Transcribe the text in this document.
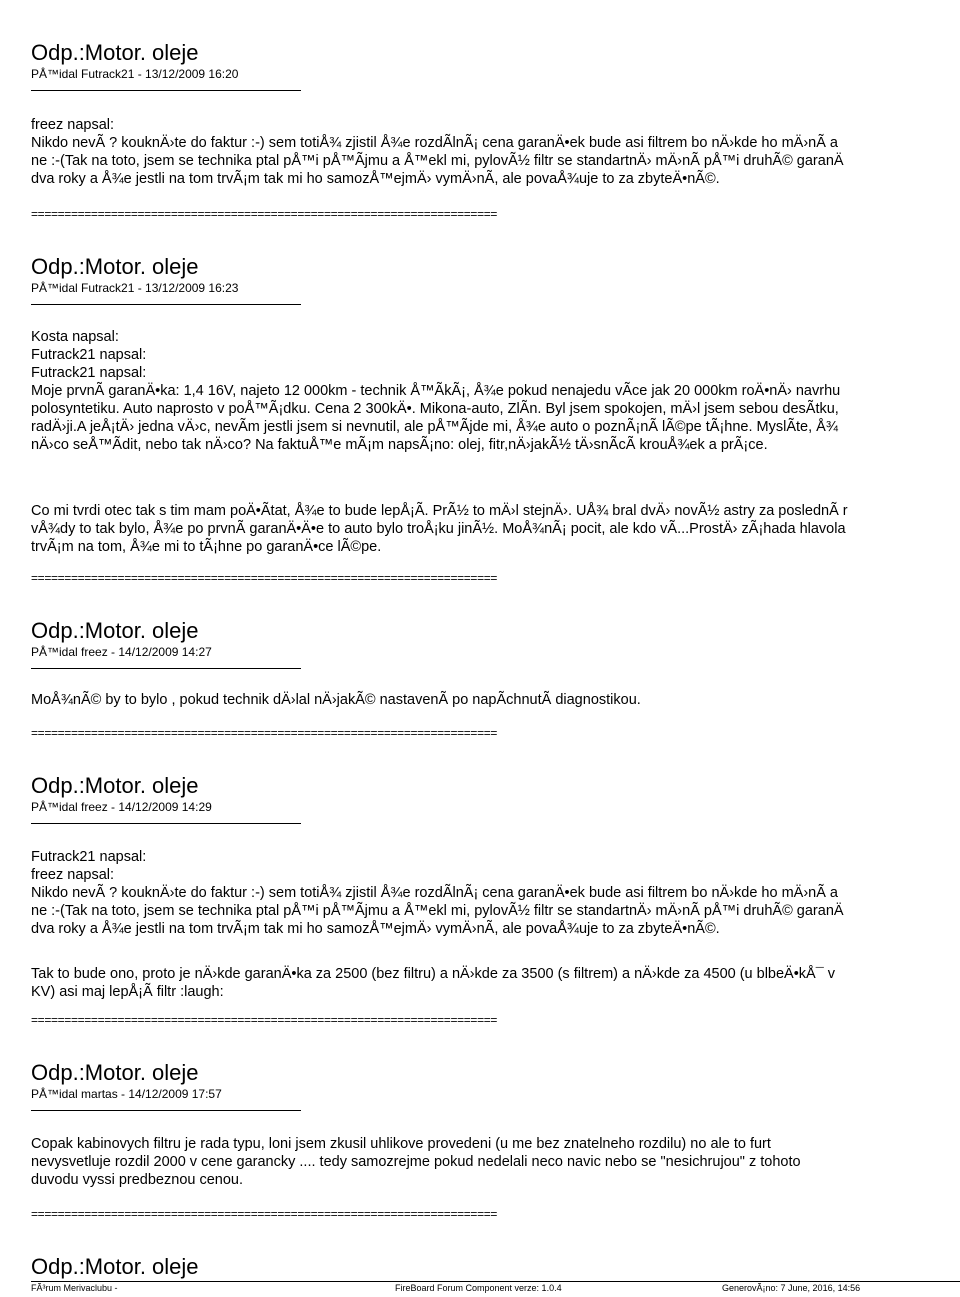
Odp.:Motor. oleje
PÅ™idal Futrack21 - 13/12/2009 16:20
freez napsal:
Nikdo nevÃ ? kouknÄ›te do faktur :-) sem totiÅ¾ zjistil Å¾e rozdÃlnÃ¡ cena garanÄ•ek bude asi filtrem bo nÄ›kde ho mÄ›nÃ a
ne :-(Tak na toto, jsem se technika ptal pÅ™i pÅ™Ãjmu a Å™ekl mi, pylovÃ½ filtr se standartnÄ› mÄ›nÃ pÅ™i druhÃ© garanÄ
dva roky a Å¾e jestli na tom trvÃ¡m tak mi ho samozÅ™ejmÄ› vymÄ›nÃ, ale povaÅ¾uje to za zbyteÄ•nÃ©.
======================================================================
Odp.:Motor. oleje
PÅ™idal Futrack21 - 13/12/2009 16:23
Kosta napsal:
Futrack21 napsal:
Futrack21 napsal:
Moje prvnÃ garanÄ•ka: 1,4 16V, najeto 12 000km - technik Å™ÃkÃ¡, Å¾e pokud nenajedu vÃce jak 20 000km roÄ•nÄ› navrhu
polosyntetiku. Auto naprosto v poÅ™Ã¡dku. Cena 2 300kÄ•. Mikona-auto, ZlÃn. Byl jsem spokojen, mÄ›l jsem sebou desÃtku,
radÄ›ji.A jeÅ¡tÄ› jedna vÄ›c, nevÃm jestli jsem si nevnutil, ale pÅ™Ãjde mi, Å¾e auto o poznÃ¡nÃ lÃ©pe tÃ¡hne. MyslÃte, Å¾
nÄ›co seÅ™Ãdit, nebo tak nÄ›co? Na faktuÅ™e mÃ¡m napsÃ¡no: olej, fitr,nÄ›jakÃ½ tÄ›snÃcÃ krouÅ¾ek a prÃ¡ce.
Co mi tvrdi otec tak s tim mam poÄ•Ãtat, Å¾e to bude lepÅ¡Ã. PrÃ½ to mÄ›l stejnÄ›. UÅ¾ bral dvÄ› novÃ½ astry za poslednÃ r
vÅ¾dy to tak bylo, Å¾e po prvnÃ garanÄ•Ä•e to auto bylo troÅ¡ku jinÃ½. MoÅ¾nÃ¡ pocit, ale kdo vÃ...ProstÄ› zÃ¡hada hlavola
trvÃ¡m na tom, Å¾e mi to tÃ¡hne po garanÄ•ce lÃ©pe.
======================================================================
Odp.:Motor. oleje
PÅ™idal freez - 14/12/2009 14:27
MoÅ¾nÃ© by to bylo , pokud technik dÄ›lal nÄ›jakÃ© nastavenÃ po napÃchnutÃ diagnostikou.
======================================================================
Odp.:Motor. oleje
PÅ™idal freez - 14/12/2009 14:29
Futrack21 napsal:
freez napsal:
Nikdo nevÃ ? kouknÄ›te do faktur :-) sem totiÅ¾ zjistil Å¾e rozdÃlnÃ¡ cena garanÄ•ek bude asi filtrem bo nÄ›kde ho mÄ›nÃ a
ne :-(Tak na toto, jsem se technika ptal pÅ™i pÅ™Ãjmu a Å™ekl mi, pylovÃ½ filtr se standartnÄ› mÄ›nÃ pÅ™i druhÃ© garanÄ
dva roky a Å¾e jestli na tom trvÃ¡m tak mi ho samozÅ™ejmÄ› vymÄ›nÃ, ale povaÅ¾uje to za zbyteÄ•nÃ©.
Tak to bude ono, proto je nÄ›kde garanÄ•ka za 2500 (bez filtru) a nÄ›kde za 3500 (s filtrem) a nÄ›kde za 4500 (u blbeÄ•kÅ¯ v
KV) asi maj lepÅ¡Ã filtr :laugh:
======================================================================
Odp.:Motor. oleje
PÅ™idal martas - 14/12/2009 17:57
Copak kabinovych filtru je rada typu, loni jsem zkusil uhlikove provedeni (u me bez znatelneho rozdilu) no ale to furt
nevysvetluje rozdil 2000 v cene garancky .... tedy samozrejme pokud nedelali neco navic nebo se "nesichrujou" z tohoto
duvodu vyssi predbeznou cenou.
======================================================================
Odp.:Motor. oleje
FÃ³rum Merivaclubu -	FireBoard Forum Component verze: 1.0.4	GenerovÃ¡no: 7 June, 2016, 14:56
